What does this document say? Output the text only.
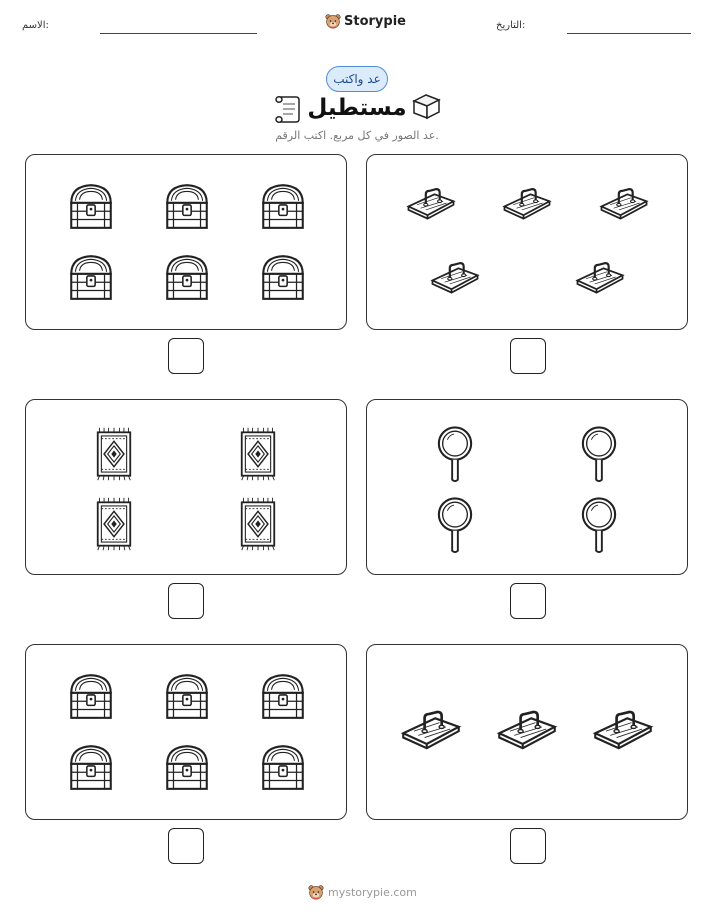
الاسم:	Storypie	التاريخ:
عد واكتب
مستطيل
عد الصور في كل مربع. اكتب الرقم.
mystorypie.com
